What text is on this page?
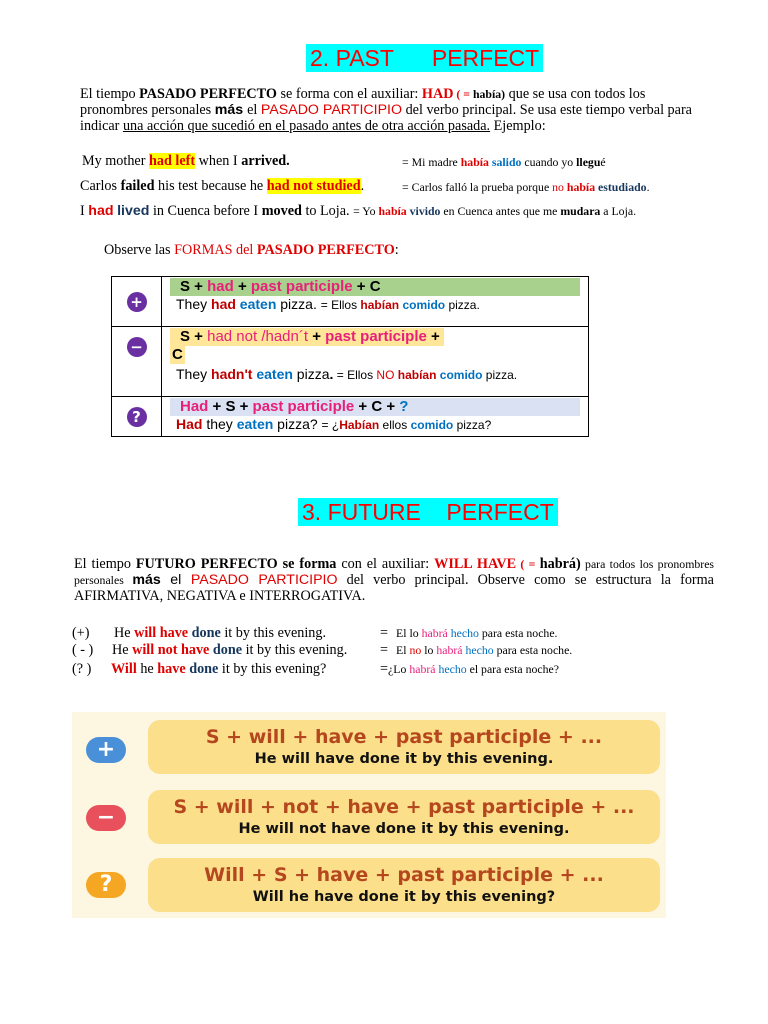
2. PAST      PERFECT

El tiempo PASADO PERFECTO se forma con el auxiliar: HAD ( = había) que se usa con todos los pronombres personales más el PASADO PARTICIPIO del verbo principal. Se usa este tiempo verbal para indicar una acción que sucedió en el pasado antes de otra acción pasada. Ejemplo:

My mother had left when I arrived.	= Mi madre había salido cuando yo llegué
Carlos failed his test because he had not studied.	= Carlos falló la prueba porque no había estudiado.
I had lived in Cuenca before I moved to Loja. = Yo había vivido en Cuenca antes que me mudara a Loja.
Observe las FORMAS del PASADO PERFECTO:
+	S + had + past participle + C
They had eaten pizza. = Ellos habían comido pizza.

−	S + had not /hadn´t + past participle +
C
They hadn't eaten pizza. = Ellos NO habían comido pizza.

?	Had + S + past participle + C + ?
Had they eaten pizza? = ¿Habían ellos comido pizza?
3. FUTURE    PERFECT

El tiempo FUTURO PERFECTO se forma con el auxiliar: WILL HAVE ( = habrá) para todos los pronombres personales más el PASADO PARTICIPIO del verbo principal. Observe como se estructura la forma AFIRMATIVA, NEGATIVA e INTERROGATIVA.

(+) He will have done it by this evening.	= El lo habrá hecho para esta noche.
( - ) He will not have done it by this evening. = El no lo habrá hecho para esta noche.
(? ) Will he have done it by this evening?	=¿Lo habrá hecho el para esta noche?
+	S + will + have + past participle + ...
He will have done it by this evening.
−	S + will + not + have + past participle + ...
He will not have done it by this evening.
?	Will + S + have + past participle + ...
Will he have done it by this evening?
